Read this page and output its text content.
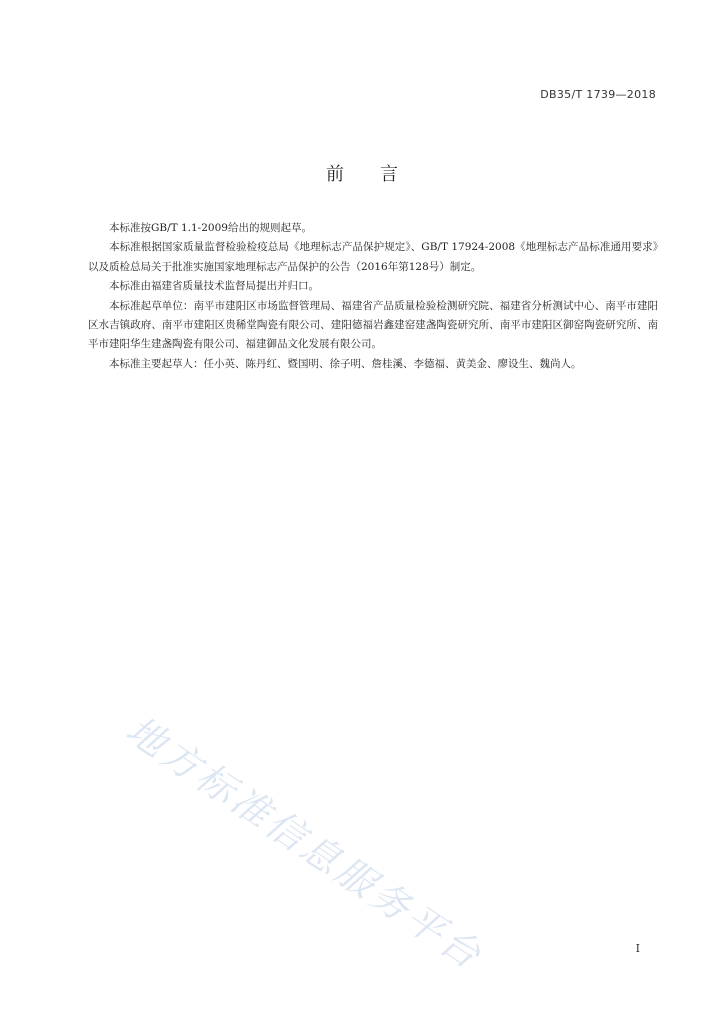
DB35/T 1739—2018
前言

本标准按GB/T 1.1-2009给出的规则起草。

本标准根据国家质量监督检验检疫总局《地理标志产品保护规定》、GB/T 17924-2008《地理标志产品标准通用要求》以及质检总局关于批准实施国家地理标志产品保护的公告（2016年第128号）制定。

本标准由福建省质量技术监督局提出并归口。

本标准起草单位：南平市建阳区市场监督管理局、福建省产品质量检验检测研究院、福建省分析测试中心、南平市建阳区水吉镇政府、南平市建阳区贵稀堂陶瓷有限公司、建阳德福岩鑫建窑建盏陶瓷研究所、南平市建阳区御窑陶瓷研究所、南平市建阳华生建盏陶瓷有限公司、福建御品文化发展有限公司。

本标准主要起草人：任小英、陈丹红、暨国明、徐子明、詹桂溪、李德福、黄美金、廖设生、魏尚人。

地方标准信息服务平台	I
